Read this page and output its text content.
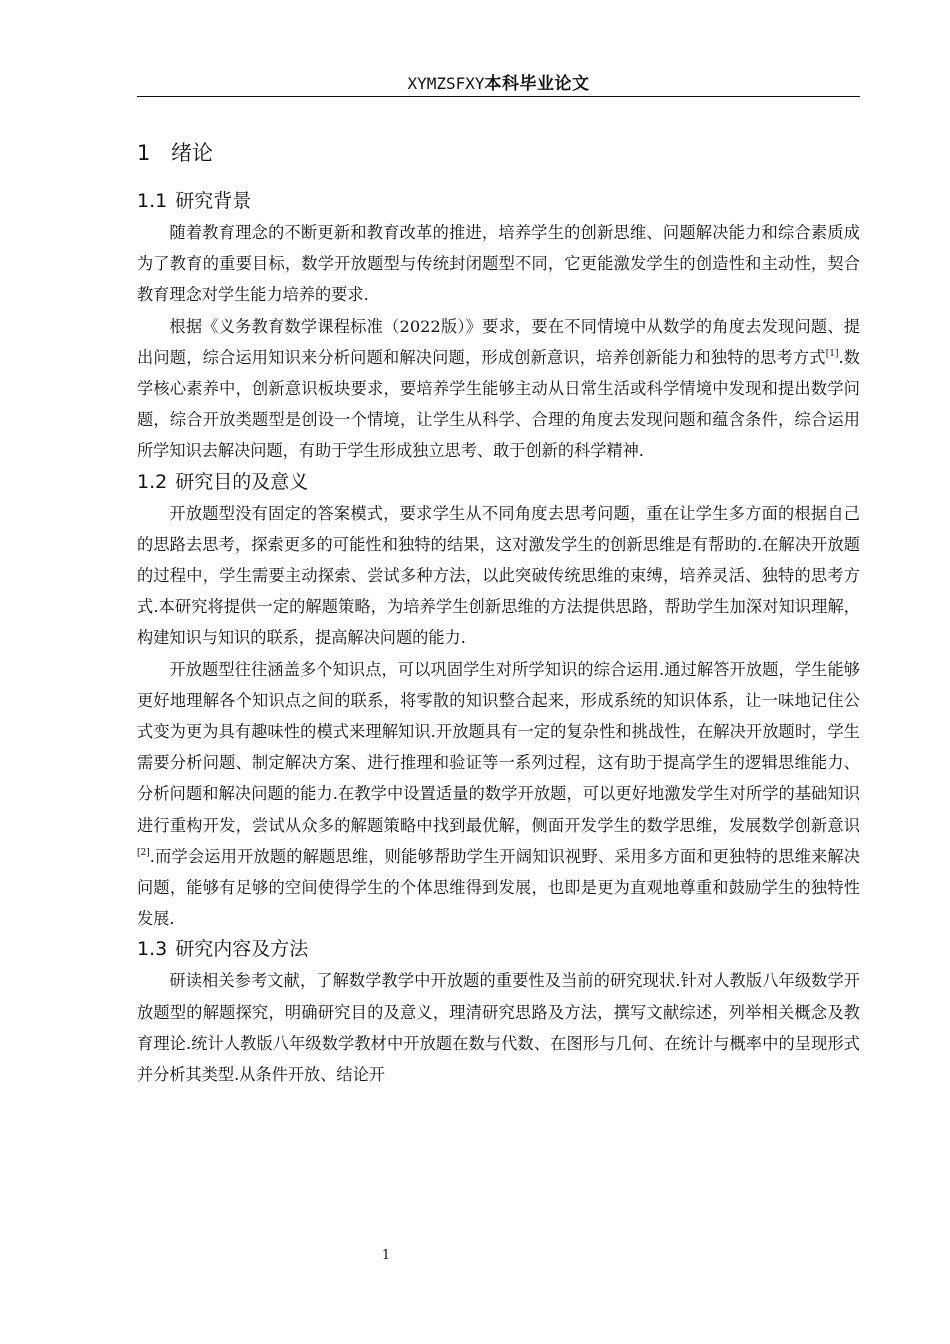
XYMZSFXY本科毕业论文
1 绪论
1.1 研究背景

随着教育理念的不断更新和教育改革的推进，培养学生的创新思维、问题解决能力和综合素质成为了教育的重要目标，数学开放题型与传统封闭题型不同，它更能激发学生的创造性和主动性，契合教育理念对学生能力培养的要求.

根据《义务教育数学课程标准（2022版）》要求，要在不同情境中从数学的角度去发现问题、提出问题，综合运用知识来分析问题和解决问题，形成创新意识，培养创新能力和独特的思考方式[1].数学核心素养中，创新意识板块要求，要培养学生能够主动从日常生活或科学情境中发现和提出数学问题，综合开放类题型是创设一个情境，让学生从科学、合理的角度去发现问题和蕴含条件，综合运用所学知识去解决问题，有助于学生形成独立思考、敢于创新的科学精神.

1.2 研究目的及意义

开放题型没有固定的答案模式，要求学生从不同角度去思考问题，重在让学生多方面的根据自己的思路去思考，探索更多的可能性和独特的结果，这对激发学生的创新思维是有帮助的.在解决开放题的过程中，学生需要主动探索、尝试多种方法，以此突破传统思维的束缚，培养灵活、独特的思考方式.本研究将提供一定的解题策略，为培养学生创新思维的方法提供思路，帮助学生加深对知识理解，构建知识与知识的联系，提高解决问题的能力.

开放题型往往涵盖多个知识点，可以巩固学生对所学知识的综合运用.通过解答开放题，学生能够更好地理解各个知识点之间的联系，将零散的知识整合起来，形成系统的知识体系，让一味地记住公式变为更为具有趣味性的模式来理解知识.开放题具有一定的复杂性和挑战性，在解决开放题时，学生需要分析问题、制定解决方案、进行推理和验证等一系列过程，这有助于提高学生的逻辑思维能力、分析问题和解决问题的能力.在教学中设置适量的数学开放题，可以更好地激发学生对所学的基础知识进行重构开发，尝试从众多的解题策略中找到最优解，侧面开发学生的数学思维，发展数学创新意识[2].而学会运用开放题的解题思维，则能够帮助学生开阔知识视野、采用多方面和更独特的思维来解决问题，能够有足够的空间使得学生的个体思维得到发展，也即是更为直观地尊重和鼓励学生的独特性发展.

1.3 研究内容及方法

研读相关参考文献，了解数学教学中开放题的重要性及当前的研究现状.针对人教版八年级数学开放题型的解题探究，明确研究目的及意义，理清研究思路及方法，撰写文献综述，列举相关概念及教育理论.统计人教版八年级数学教材中开放题在数与代数、在图形与几何、在统计与概率中的呈现形式并分析其类型.从条件开放、结论开

1
